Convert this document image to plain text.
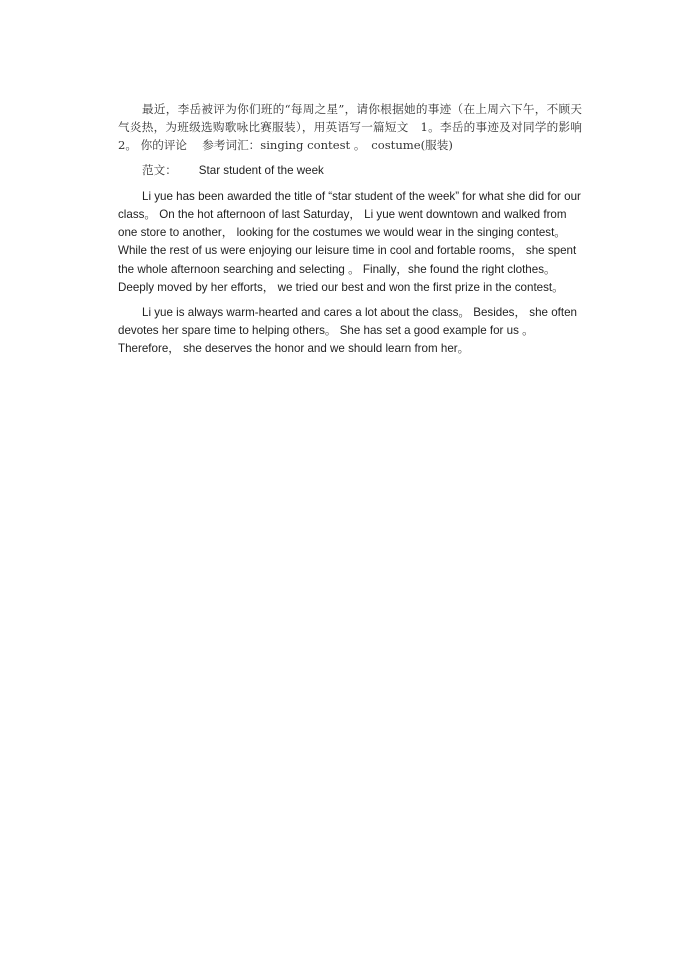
最近，李岳被评为你们班的“每周之星”，请你根据她的事迹（在上周六下午，不顾天气炎热，为班级选购歌咏比赛服装），用英语写一篇短文　1。李岳的事迹及对同学的影响 2。 你的评论　 参考词汇：singing contest 。　costume(服装)

范文： Star student of the week

Li yue has been awarded the title of “star student of the week” for what she did for our class。 On the hot afternoon of last Saturday， Li yue went downtown and walked from one store to another， looking for the costumes we would wear in the singing contest。 While the rest of us were enjoying our leisure time in cool and fortable rooms， she spent the whole afternoon searching and selecting 。 Finally，she found the right clothes。 Deeply moved by her efforts， we tried our best and won the first prize in the contest。

Li yue is always warm-hearted and cares a lot about the class。 Besides， she often devotes her spare time to helping others。 She has set a good example for us 。 Therefore， she deserves the honor and we should learn from her。
